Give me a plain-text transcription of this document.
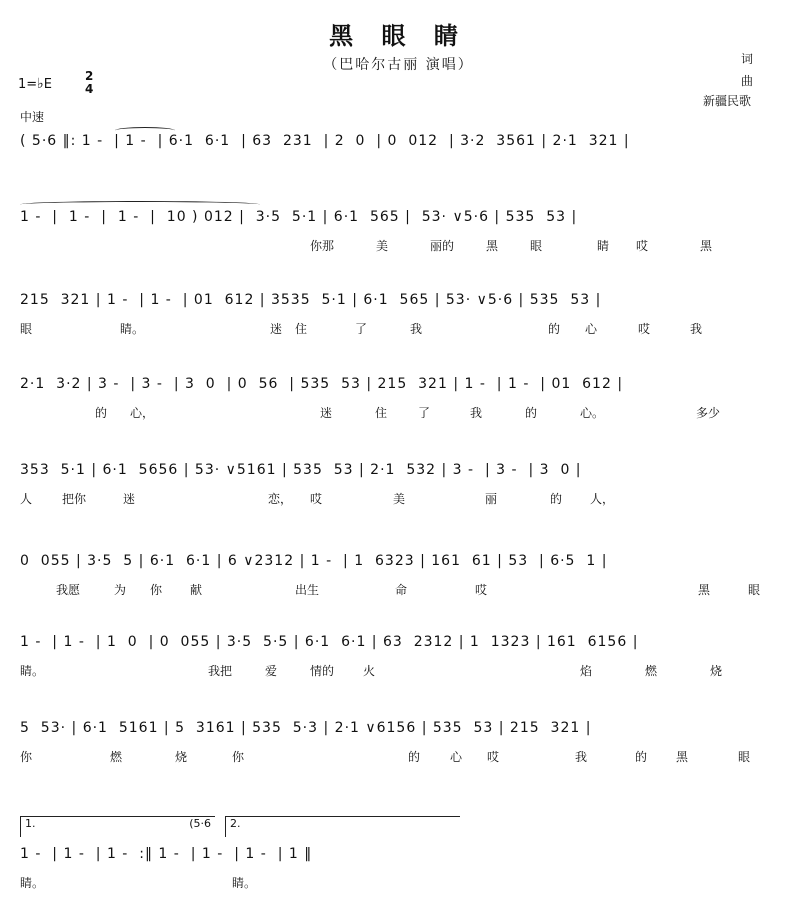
黑 眼 睛
（巴哈尔古丽 演唱）	词
曲
新疆民歌
1=♭E
2
4
中速
( 5·6 ‖: 1 -  | 1 -  | 6·1  6·1  | 63  231  | 2  0  | 0  012  | 3·2  3561 | 2·1  321 |
1 -  |  1 -  |  1 -  |  10 ) 012 |  3·5  5·1 | 6·1  565 |  53· ∨5·6 | 535  53 |
你那	美	丽的	黑	眼	睛 哎	黑
215  321 | 1 -  | 1 -  | 01  612 | 3535  5·1 | 6·1  565 | 53· ∨5·6 | 535  53 |
眼	睛。	迷 住	了	我	的 心	哎	我
2·1  3·2 | 3 -  | 3 -  | 3  0  | 0  56  | 535  53 | 215  321 | 1 -  | 1 -  | 01  612 |
的 心，	迷	住	了	我	的	心。	多少
353  5·1 | 6·1  5656 | 53· ∨5161 | 535  53 | 2·1  532 | 3 -  | 3 -  | 3  0 |
人 把你	迷	恋， 哎	美	丽	的 人，
0  055 | 3·5  5 | 6·1  6·1 | 6 ∨2312 | 1 -  | 1  6323 | 161  61 | 53  | 6·5  1 |
我愿	为 你 献	出生	命	哎	黑	眼
1 -  | 1 -  | 1  0  | 0  055 | 3·5  5·5 | 6·1  6·1 | 63  2312 | 1  1323 | 161  6156 |
睛。	我把	爱	情的 火	焰	燃	烧
5  53· | 6·1  5161 | 5  3161 | 535  5·3 | 2·1 ∨6156 | 535  53 | 215  321 |
你	燃	烧	你	的 心 哎	我	的 黑	眼
1.	(5·6	2.
1 -  | 1 -  | 1 -  :‖ 1 -  | 1 -  | 1 -  | 1 ‖
睛。	睛。
